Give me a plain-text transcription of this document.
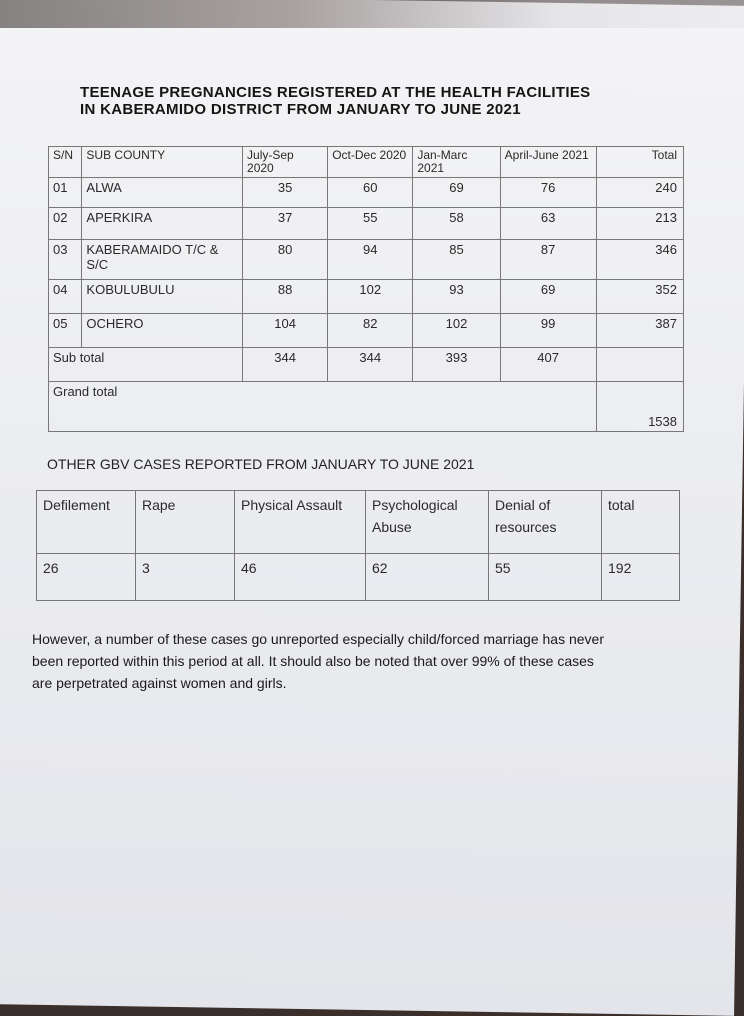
TEENAGE PREGNANCIES REGISTERED AT THE HEALTH FACILITIES
IN KABERAMIDO DISTRICT FROM JANUARY TO JUNE 2021
S/N	SUB COUNTY	July-Sep 2020	Oct-Dec 2020	Jan-Marc 2021	April-June 2021	Total
01	ALWA	35	60	69	76	240
02	APERKIRA	37	55	58	63	213
03	KABERAMAIDO T/C & S/C	80	94	85	87	346
04	KOBULUBULU	88	102	93	69	352
05	OCHERO	104	82	102	99	387
Sub total		344	344	393	407	
Grand total						1538
OTHER GBV CASES REPORTED FROM JANUARY TO JUNE 2021
Defilement	Rape	Physical Assault	Psychological Abuse	Denial of resources	total
26	3	46	62	55	192
However, a number of these cases go unreported especially child/forced marriage has never
been reported within this period at all. It should also be noted that over 99% of these cases
are perpetrated against women and girls.
